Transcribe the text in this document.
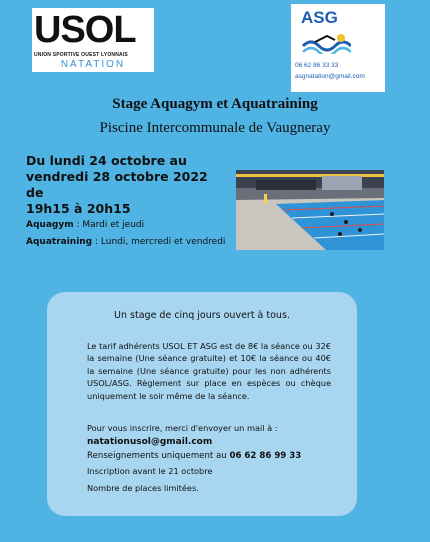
USOL
UNION SPORTIVE OUEST LYONNAIS
NATATION
ASG
06 62 86 33 33
asgnatation@gmail.com
Stage Aquagym et Aquatraining
Piscine Intercommunale de Vaugneray
Du lundi 24 octobre au
vendredi 28 octobre 2022 de
19h15 à 20h15
Aquagym : Mardi et jeudi
Aquatraining : Lundi, mercredi et vendredi
Un stage de cinq jours ouvert à tous.
Le tarif adhérents USOL ET ASG est de 8€ la séance ou 32€ la semaine (Une séance gratuite) et 10€ la séance ou 40€ la semaine (Une séance gratuite) pour les non adhérents USOL/ASG. Règlement sur place en espèces ou chèque uniquement le soir même de la séance.
Pour vous inscrire, merci d'envoyer un mail à :
natationusol@gmail.com
Renseignements uniquement au 06 62 86 99 33
Inscription avant le 21 octobre
Nombre de places limitées.
